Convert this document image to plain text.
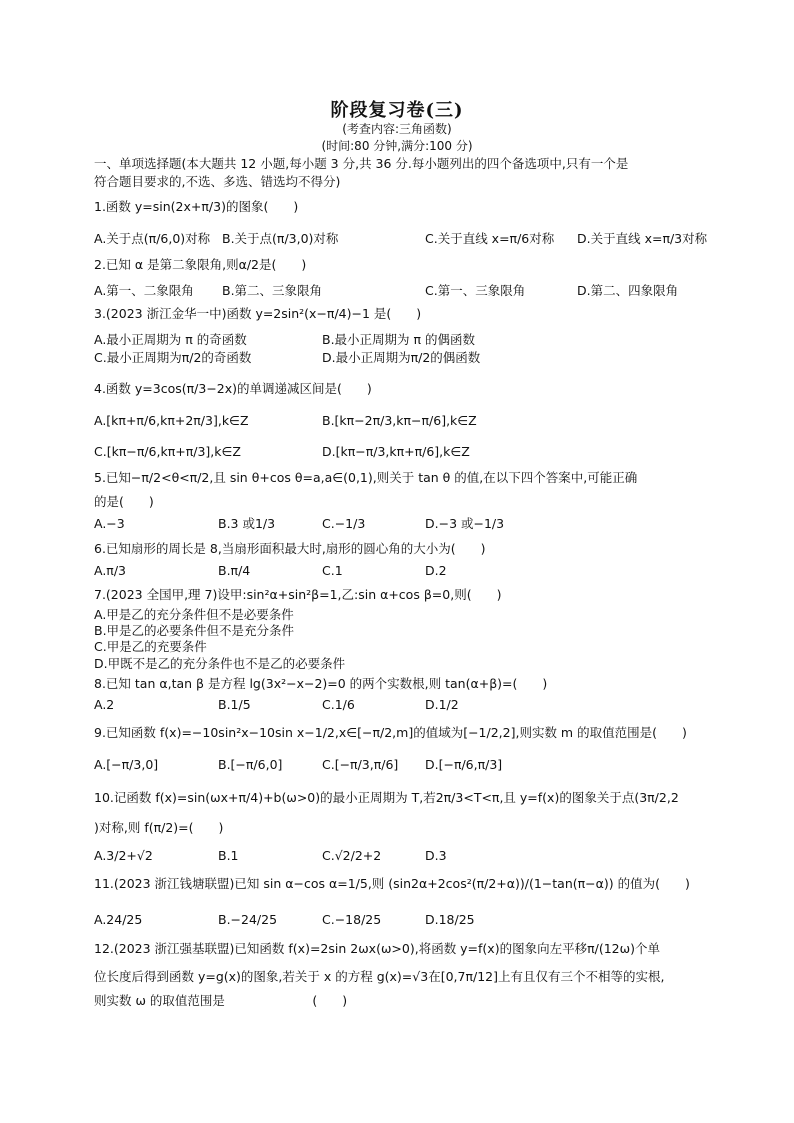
阶段复习卷(三)
(考查内容:三角函数)
(时间:80 分钟,满分:100 分)
一、单项选择题(本大题共 12 小题,每小题 3 分,共 36 分.每小题列出的四个备选项中,只有一个是
符合题目要求的,不选、多选、错选均不得分)
1.函数 y=sin(2x+π/3)的图象(　　)
A.关于点(π/6,0)对称 B.关于点(π/3,0)对称	C.关于直线 x=π/6对称 D.关于直线 x=π/3对称
2.已知 α 是第二象限角,则α/2是(　　)
A.第一、二象限角 B.第二、三象限角	C.第一、三象限角	D.第二、四象限角
3.(2023 浙江金华一中)函数 y=2sin²(x−π/4)−1 是(　　)
A.最小正周期为 π 的奇函数	B.最小正周期为 π 的偶函数
C.最小正周期为π/2的奇函数	D.最小正周期为π/2的偶函数
4.函数 y=3cos(π/3−2x)的单调递减区间是(　　)
A.[kπ+π/6,kπ+2π/3],k∈Z	B.[kπ−2π/3,kπ−π/6],k∈Z
C.[kπ−π/6,kπ+π/3],k∈Z	D.[kπ−π/3,kπ+π/6],k∈Z
5.已知−π/2<θ<π/2,且 sin θ+cos θ=a,a∈(0,1),则关于 tan θ 的值,在以下四个答案中,可能正确
的是(　　)
A.−3	B.3 或1/3	C.−1/3	D.−3 或−1/3
6.已知扇形的周长是 8,当扇形面积最大时,扇形的圆心角的大小为(　　)
A.π/3	B.π/4	C.1	D.2
7.(2023 全国甲,理 7)设甲:sin²α+sin²β=1,乙:sin α+cos β=0,则(　　)
A.甲是乙的充分条件但不是必要条件
B.甲是乙的必要条件但不是充分条件
C.甲是乙的充要条件
D.甲既不是乙的充分条件也不是乙的必要条件
8.已知 tan α,tan β 是方程 lg(3x²−x−2)=0 的两个实数根,则 tan(α+β)=(　　)
A.2	B.1/5	C.1/6	D.1/2
9.已知函数 f(x)=−10sin²x−10sin x−1/2,x∈[−π/2,m]的值域为[−1/2,2],则实数 m 的取值范围是(　　)
A.[−π/3,0]	B.[−π/6,0]	C.[−π/3,π/6] D.[−π/6,π/3]
10.记函数 f(x)=sin(ωx+π/4)+b(ω>0)的最小正周期为 T,若2π/3<T<π,且 y=f(x)的图象关于点(3π/2,2
)对称,则 f(π/2)=(　　)
A.3/2+√2	B.1	C.√2/2+2	D.3
11.(2023 浙江钱塘联盟)已知 sin α−cos α=1/5,则 (sin2α+2cos²(π/2+α))/(1−tan(π−α)) 的值为(　　)
A.24/25	B.−24/25	C.−18/25	D.18/25
12.(2023 浙江强基联盟)已知函数 f(x)=2sin 2ωx(ω>0),将函数 y=f(x)的图象向左平移π/(12ω)个单
位长度后得到函数 y=g(x)的图象,若关于 x 的方程 g(x)=√3在[0,7π/12]上有且仅有三个不相等的实根,
则实数 ω 的取值范围是　　　　　　　(　　)
